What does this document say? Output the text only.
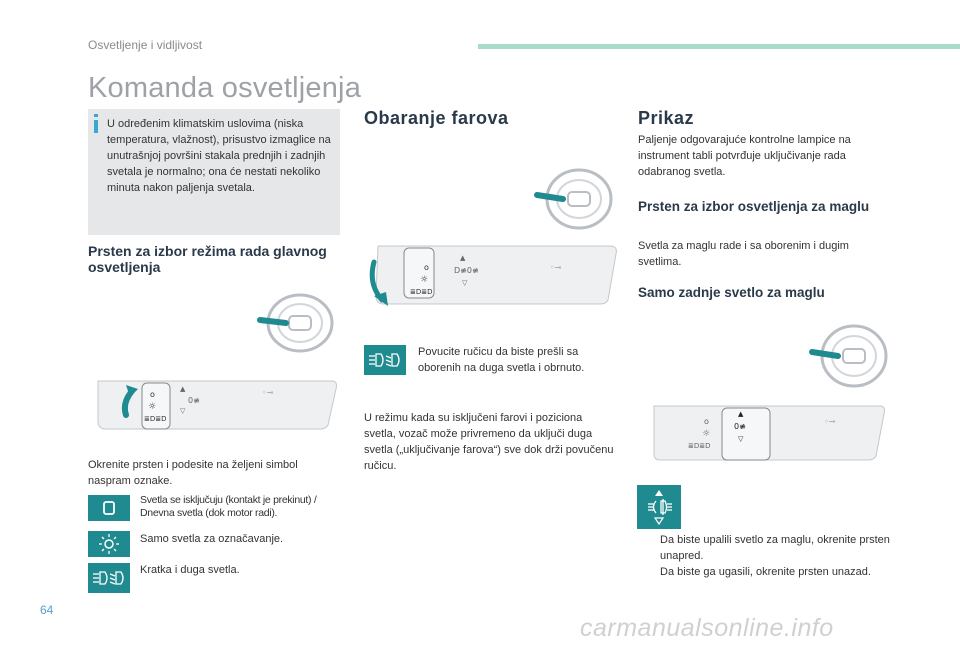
Osvetljenje i vidljivost
Komanda osvetljenja
U određenim klimatskim uslovima (niska temperatura, vlažnost), prisustvo izmaglice na unutrašnjoj površini stakala prednjih i zadnjih svetala je normalno; ona će nestati nekoliko minuta nakon paljenja svetala.
Prsten za izbor režima rada glavnog osvetljenja
o
☼
≣D≣D
▲
0≢
▽
◦⊸
Okrenite prsten i podesite na željeni simbol naspram oznake.
Svetla se isključuju (kontakt je prekinut) / Dnevna svetla (dok motor radi).
Samo svetla za označavanje.
Kratka i duga svetla.
Obaranje farova
o
☼
≣D≣D
▲
D≢0≢
▽
◦⊸
Povucite ručicu da biste prešli sa oborenih na duga svetla i obrnuto.
U režimu kada su isključeni farovi i poziciona svetla, vozač može privremeno da uključi duga svetla („uključivanje farova“) sve dok drži povučenu ručicu.
Prikaz
Paljenje odgovarajuće kontrolne lampice na instrument tabli potvrđuje uključivanje rada odabranog svetla.
Prsten za izbor osvetljenja za maglu
Svetla za maglu rade i sa oborenim i dugim svetlima.
Samo zadnje svetlo za maglu
o
☼
≣D≣D
▲
0≢
▽
◦⊸
Da biste upalili svetlo za maglu, okrenite prsten unapred.
Da biste ga ugasili, okrenite prsten unazad.
64
carmanualsonline.info
